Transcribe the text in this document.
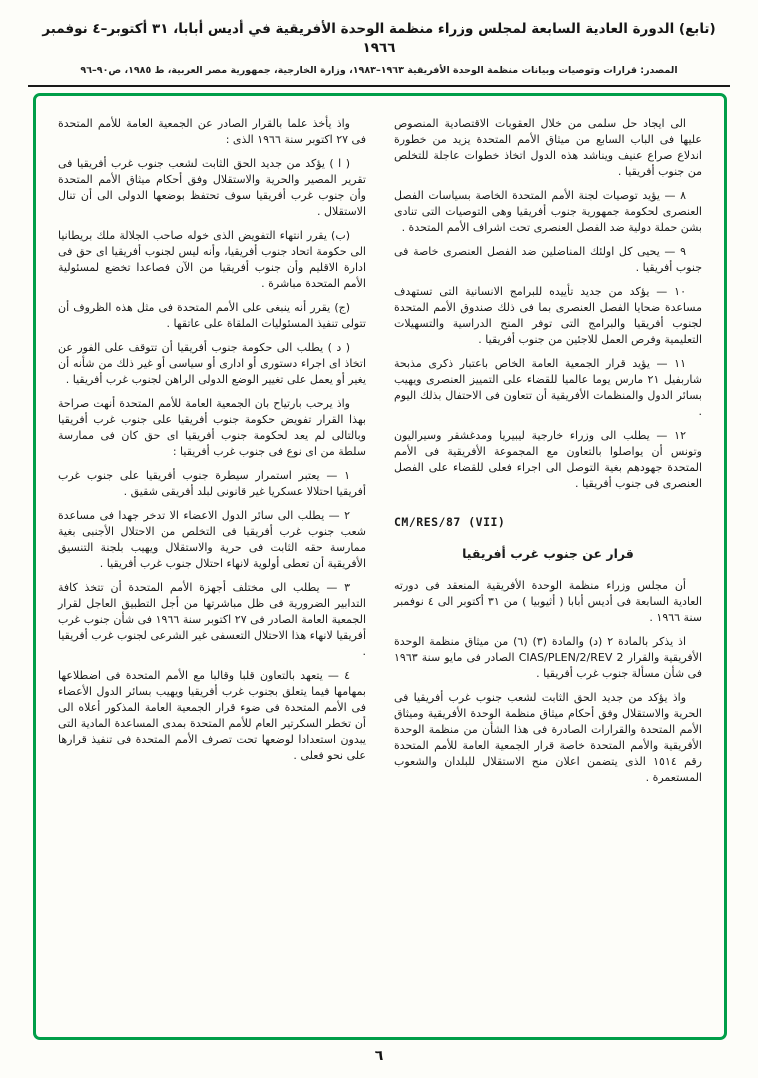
(تابع) الدورة العادية السابعة لمجلس وزراء منظمة الوحدة الأفريقية في أديس أبابا، ٣١ أكتوبر–٤ نوفمبر ١٩٦٦
المصدر: قرارات وتوصيات وبيانات منظمة الوحدة الأفريقية ١٩٦٣–١٩٨٣، وزارة الخارجية، جمهورية مصر العربية، ط ١٩٨٥، ص٩٠–٩٦

الى ايجاد حل سلمى من خلال العقوبات الاقتصادية المنصوص عليها فى الباب السابع من ميثاق الأمم المتحدة يزيد من خطورة اندلاع صراع عنيف ويناشد هذه الدول اتخاذ خطوات عاجلة للتخلص من جنوب أفريقيا .

٨ — يؤيد توصيات لجنة الأمم المتحدة الخاصة بسياسات الفصل العنصرى لحكومة جمهورية جنوب أفريقيا وهى التوصيات التى تنادى بشن حملة دولية ضد الفصل العنصرى تحت اشراف الأمم المتحدة .

٩ — يحيى كل اولئك المناضلين ضد الفصل العنصرى خاصة فى جنوب أفريقيا .

١٠ — يؤكد من جديد تأييده للبرامج الانسانية التى تستهدف مساعدة ضحايا الفصل العنصرى بما فى ذلك صندوق الأمم المتحدة لجنوب أفريقيا والبرامج التى توفر المنح الدراسية والتسهيلات التعليمية وفرص العمل للاجئين من جنوب أفريقيا .

١١ — يؤيد قرار الجمعية العامة الخاص باعتبار ذكرى مذبحة شاربفيل ٢١ مارس يوما عالميا للقضاء على التمييز العنصرى ويهيب بسائر الدول والمنظمات الأفريقية أن تتعاون فى الاحتفال بذلك اليوم .

١٢ — يطلب الى وزراء خارجية ليبيريا ومدغشقر وسيراليون وتونس أن يواصلوا بالتعاون مع المجموعة الأفريقية فى الأمم المتحدة جهودهم بغية التوصل الى اجراء فعلى للقضاء على الفصل العنصرى فى جنوب أفريقيا .

CM/RES/87 (VII)

قرار عن جنوب غرب أفريقيا

أن مجلس وزراء منظمة الوحدة الأفريقية المنعقد فى دورته العادية السابعة فى أديس أبابا ( أثيوبيا ) من ٣١ أكتوبر الى ٤ نوفمبر سنة ١٩٦٦ .

اذ يذكر بالمادة ٢ (د) والمادة (٣) (٦) من ميثاق منظمة الوحدة الأفريقية والقرار CIAS/PLEN/2/REV 2 الصادر فى مايو سنة ١٩٦٣ فى شأن مسألة جنوب غرب أفريقيا .

واذ يؤكد من جديد الحق الثابت لشعب جنوب غرب أفريقيا فى الحرية والاستقلال وفق أحكام ميثاق منظمة الوحدة الأفريقية وميثاق الأمم المتحدة والقرارات الصادرة فى هذا الشأن من منظمة الوحدة الأفريقية والأمم المتحدة خاصة قرار الجمعية العامة للأمم المتحدة رقم ١٥١٤ الذى يتضمن اعلان منح الاستقلال للبلدان والشعوب المستعمرة .

واذ يأخذ علما بالقرار الصادر عن الجمعية العامة للأمم المتحدة فى ٢٧ اكتوبر سنة ١٩٦٦ الذى :

( ا ) يؤكد من جديد الحق الثابت لشعب جنوب غرب أفريقيا فى تقرير المصير والحرية والاستقلال وفق أحكام ميثاق الأمم المتحدة وأن جنوب غرب أفريقيا سوف تحتفظ بوضعها الدولى الى أن تنال الاستقلال .

(ب) يقرر انتهاء التفويض الذى خوله صاحب الجلالة ملك بريطانيا الى حكومة اتحاد جنوب أفريقيا، وأنه ليس لجنوب أفريقيا اى حق فى ادارة الاقليم وأن جنوب أفريقيا من الآن فصاعدا تخضع لمسئولية الأمم المتحدة مباشرة .

(ج) يقرر أنه ينبغى على الأمم المتحدة فى مثل هذه الظروف أن تتولى تنفيذ المسئوليات الملقاة على عاتقها .

( د ) يطلب الى حكومة جنوب أفريقيا أن تتوقف على الفور عن اتخاذ اى اجراء دستورى أو ادارى أو سياسى أو غير ذلك من شأنه أن يغير أو يعمل على تغيير الوضع الدولى الراهن لجنوب غرب أفريقيا .

واذ يرحب بارتياح بان الجمعية العامة للأمم المتحدة أنهت صراحة بهذا القرار تفويض حكومة جنوب أفريقيا على جنوب غرب أفريقيا وبالتالى لم يعد لحكومة جنوب أفريقيا اى حق كان فى ممارسة سلطة من اى نوع فى جنوب غرب أفريقيا :

١ — يعتبر استمرار سيطرة جنوب أفريقيا على جنوب غرب أفريقيا احتلالا عسكريا غير قانونى لبلد أفريقى شقيق .

٢ — يطلب الى سائر الدول الاعضاء الا تدخر جهدا فى مساعدة شعب جنوب غرب أفريقيا فى التخلص من الاحتلال الأجنبى بغية ممارسة حقه الثابت فى حرية والاستقلال ويهيب بلجنة التنسيق الأفريقية أن تعطى أولوية لانهاء احتلال جنوب غرب أفريقيا .

٣ — يطلب الى مختلف أجهزة الأمم المتحدة أن تتخذ كافة التدابير الضرورية فى ظل مباشرتها من أجل التطبيق العاجل لقرار الجمعية العامة الصادر فى ٢٧ اكتوبر سنة ١٩٦٦ فى شأن جنوب غرب أفريقيا لانهاء هذا الاحتلال التعسفى غير الشرعى لجنوب غرب أفريقيا .

٤ — يتعهد بالتعاون قلبا وقالبا مع الأمم المتحدة فى اضطلاعها بمهامها فيما يتعلق بجنوب غرب أفريقيا ويهيب بسائر الدول الأعضاء فى الأمم المتحدة فى ضوء قرار الجمعية العامة المذكور أعلاه الى أن تخطر السكرتير العام للأمم المتحدة بمدى المساعدة المادية التى يبدون استعدادا لوضعها تحت تصرف الأمم المتحدة فى تنفيذ قرارها على نحو فعلى .

٦
